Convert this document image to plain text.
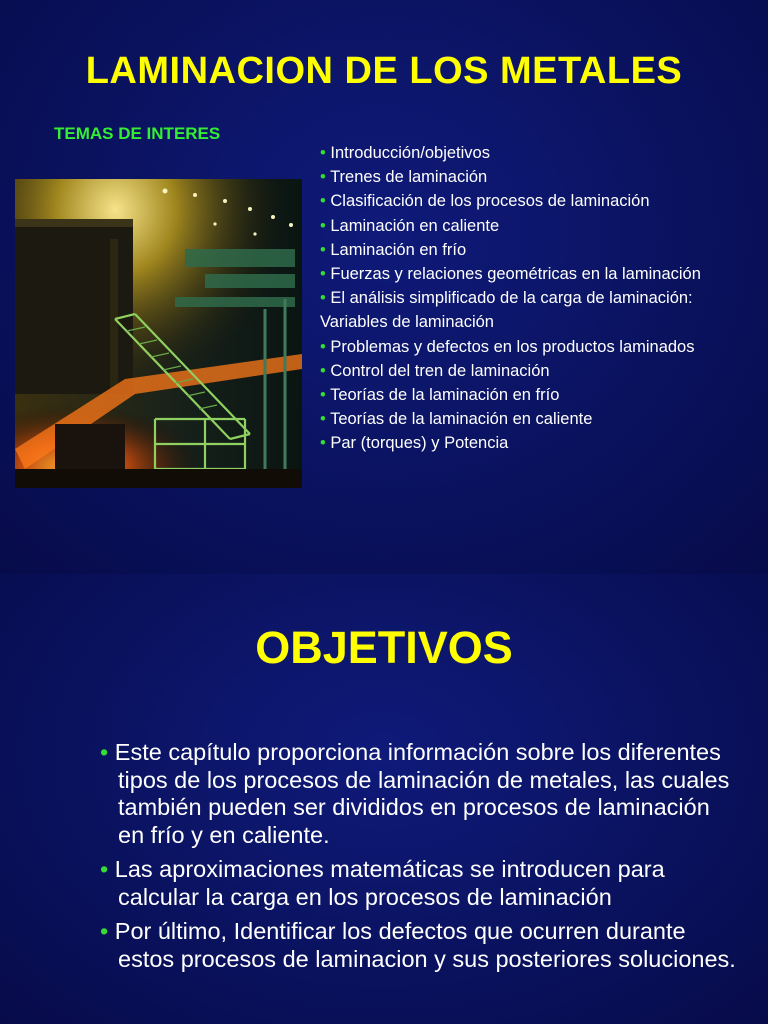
LAMINACION DE LOS METALES
TEMAS DE INTERES
• Introducción/objetivos
• Trenes de laminación
• Clasificación de los procesos de laminación
• Laminación en caliente
• Laminación en frío
• Fuerzas y relaciones geométricas en la laminación
• El análisis simplificado de la carga de laminación: Variables de laminación
• Problemas y defectos en los productos laminados
• Control del tren de laminación
• Teorías de la laminación en frío
• Teorías de la laminación en caliente
• Par (torques) y Potencia
OBJETIVOS
• Este capítulo proporciona información sobre los diferentes tipos de los procesos de laminación de metales, las cuales también pueden ser divididos en procesos de laminación en frío y en caliente.
• Las aproximaciones matemáticas se introducen para calcular la carga en los procesos de laminación
• Por último, Identificar los defectos que ocurren durante estos procesos de laminacion y sus posteriores soluciones.
